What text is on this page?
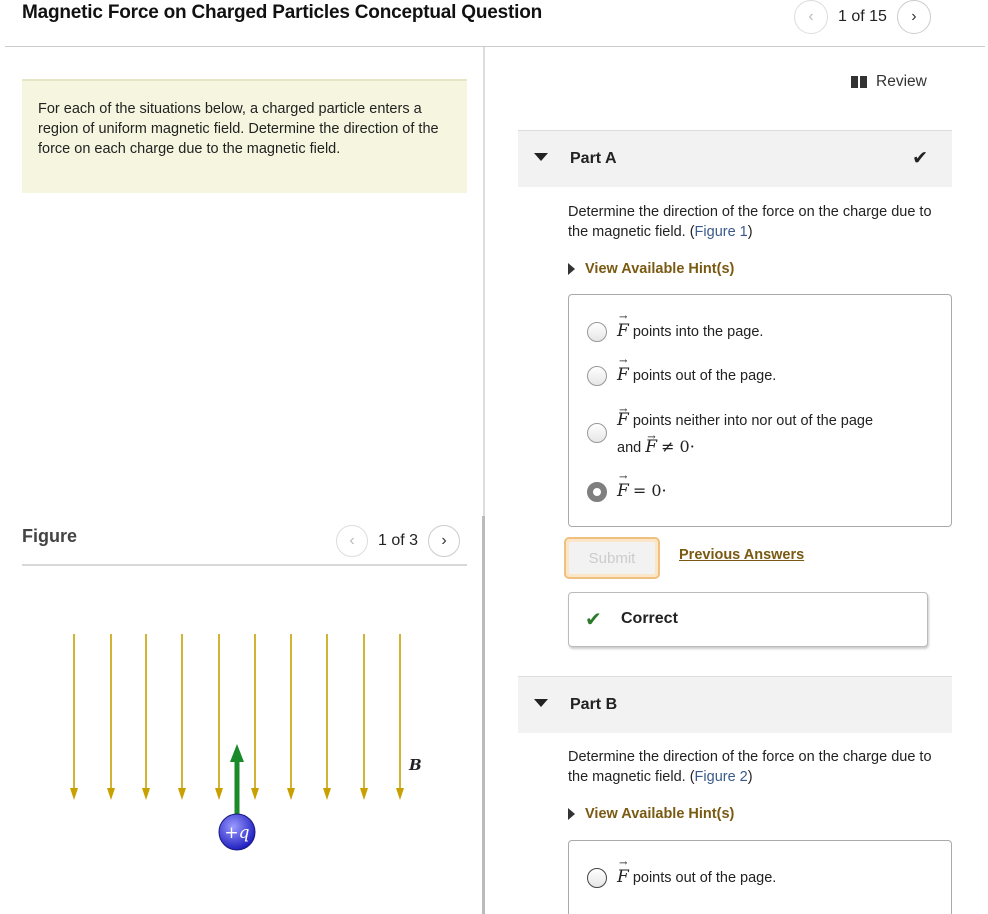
Magnetic Force on Charged Particles Conceptual Question	‹	1 of 15	›
For each of the situations below, a charged particle enters a region of uniform magnetic field. Determine the direction of the force on each charge due to the magnetic field.
Figure	‹	1 of 3	›
+q
B
Review
Part A	✔
Determine the direction of the force on the charge due to the magnetic field. (Figure 1)
View Available Hint(s)
→ F points into the page.
→ F points out of the page.
→ F points neither into nor out of the page
and → F ≠ 0·
→ F = 0·
Submit	Previous Answers
✔ Correct
Part B
Determine the direction of the force on the charge due to the magnetic field. (Figure 2)
View Available Hint(s)
→ F points out of the page.
